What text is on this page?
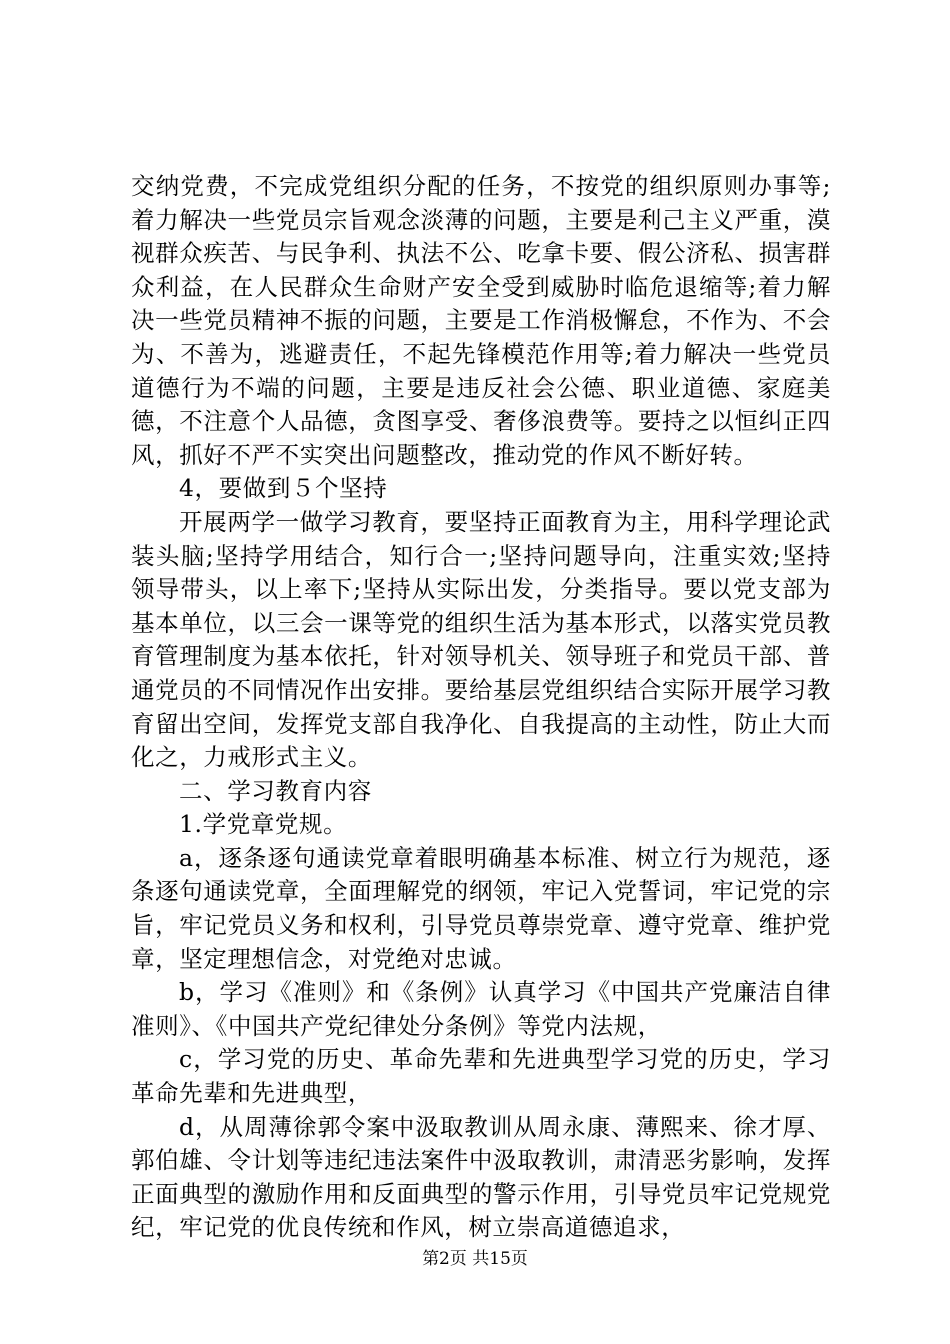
交纳党费，不完成党组织分配的任务，不按党的组织原则办事等;着力解决一些党员宗旨观念淡薄的问题，主要是利己主义严重，漠视群众疾苦、与民争利、执法不公、吃拿卡要、假公济私、损害群众利益，在人民群众生命财产安全受到威胁时临危退缩等;着力解决一些党员精神不振的问题，主要是工作消极懈怠，不作为、不会为、不善为，逃避责任，不起先锋模范作用等;着力解决一些党员道德行为不端的问题，主要是违反社会公德、职业道德、家庭美德，不注意个人品德，贪图享受、奢侈浪费等。要持之以恒纠正四风，抓好不严不实突出问题整改，推动党的作风不断好转。

4，要做到５个坚持

开展两学一做学习教育，要坚持正面教育为主，用科学理论武装头脑;坚持学用结合，知行合一;坚持问题导向，注重实效;坚持领导带头，以上率下;坚持从实际出发，分类指导。要以党支部为基本单位，以三会一课等党的组织生活为基本形式，以落实党员教育管理制度为基本依托，针对领导机关、领导班子和党员干部、普通党员的不同情况作出安排。要给基层党组织结合实际开展学习教育留出空间，发挥党支部自我净化、自我提高的主动性，防止大而化之，力戒形式主义。

二、学习教育内容

1.学党章党规。

a，逐条逐句通读党章着眼明确基本标准、树立行为规范，逐条逐句通读党章，全面理解党的纲领，牢记入党誓词，牢记党的宗旨，牢记党员义务和权利，引导党员尊崇党章、遵守党章、维护党章，坚定理想信念，对党绝对忠诚。

b，学习《准则》和《条例》认真学习《中国共产党廉洁自律准则》、《中国共产党纪律处分条例》等党内法规，

c，学习党的历史、革命先辈和先进典型学习党的历史，学习革命先辈和先进典型，

d，从周薄徐郭令案中汲取教训从周永康、薄熙来、徐才厚、郭伯雄、令计划等违纪违法案件中汲取教训，肃清恶劣影响，发挥正面典型的激励作用和反面典型的警示作用，引导党员牢记党规党纪，牢记党的优良传统和作风，树立崇高道德追求，

第2页 共15页
